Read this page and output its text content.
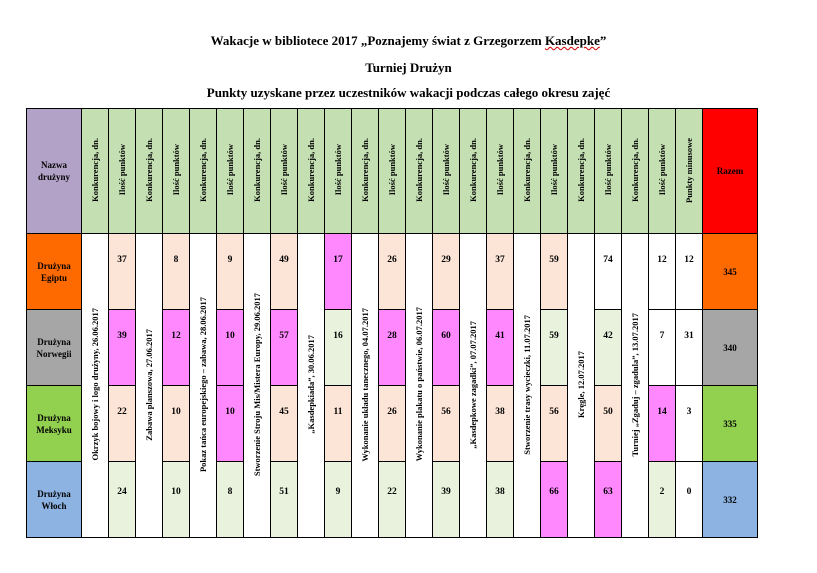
Wakacje w bibliotece 2017 „Poznajemy świat z Grzegorzem Kasdepke”
Turniej Drużyn
Punkty uzyskane przez uczestników wakacji podczas całego okresu zajęć
Nazwa drużyny	Konkurencja, dn.	Ilość punktów	Konkurencja, dn.	Ilość punktów	Konkurencja, dn.	Ilość punktów	Konkurencja, dn.	Ilość punktów	Konkurencja, dn.	Ilość punktów	Konkurencja, dn.	Ilość punktów	Konkurencja, dn.	Ilość punktów	Konkurencja, dn.	Ilość punktów	Konkurencja, dn.	Ilość punktów	Konkurencja, dn.	Ilość punktów	Konkurencja, dn.	Ilość punktów	Punkty minusowe	Razem
Drużyna Egiptu	Okrzyk bojowy i logo drużyny, 26.06.2017	37	Zabawa planszowa, 27.06.2017	8	Pokaz tańca europejskiego – zabawa, 28.06.2017	9	Stworzenie Stroju Mis/Mistera Europy, 29.06.2017	49	„Kasdepkiada”, 30.06.2017	17	Wykonanie układu tanecznego, 04.07.2017	26	Wykonanie plakatu o państwie, 06.07.2017	29	„Kasdepkowe zagadki”, 07.07.2017	37	Stworzenie trasy wycieczki, 11.07.2017	59	Kręgle, 12.07.2017	74	Turniej „Zgaduj – zgadula”, 13.07.2017	12	12	345
Drużyna Norwegii		39		12		10		57		16		28		60		41		59		42		7	31	340
Drużyna Meksyku		22		10		10		45		11		26		56		38		56		50		14	3	335
Drużyna Włoch		24		10		8		51		9		22		39		38		66		63		2	0	332
